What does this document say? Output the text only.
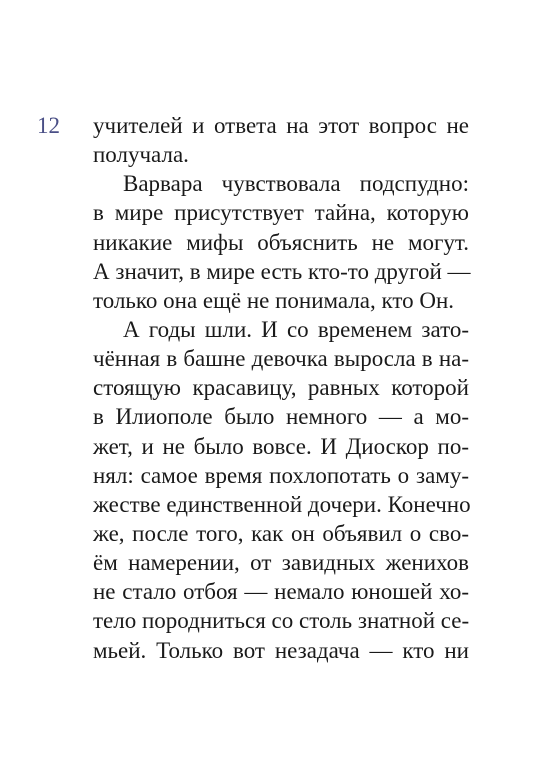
12 учителей и ответа на этот вопрос не
получала.
Варвара чувствовала подспудно:
в мире присутствует тайна, которую
никакие мифы объяснить не могут.
А значит, в мире есть кто-то другой —
только она ещё не понимала, кто Он.
А годы шли. И со временем зато-
чённая в башне девочка выросла в на-
стоящую красавицу, равных которой
в Илиополе было немного — а мо-
жет, и не было вовсе. И Диоскор по-
нял: самое время похлопотать о заму-
жестве единственной дочери. Конечно
же, после того, как он объявил о сво-
ём намерении, от завидных женихов
не стало отбоя — немало юношей хо-
тело породниться со столь знатной се-
мьей. Только вот незадача — кто ни
